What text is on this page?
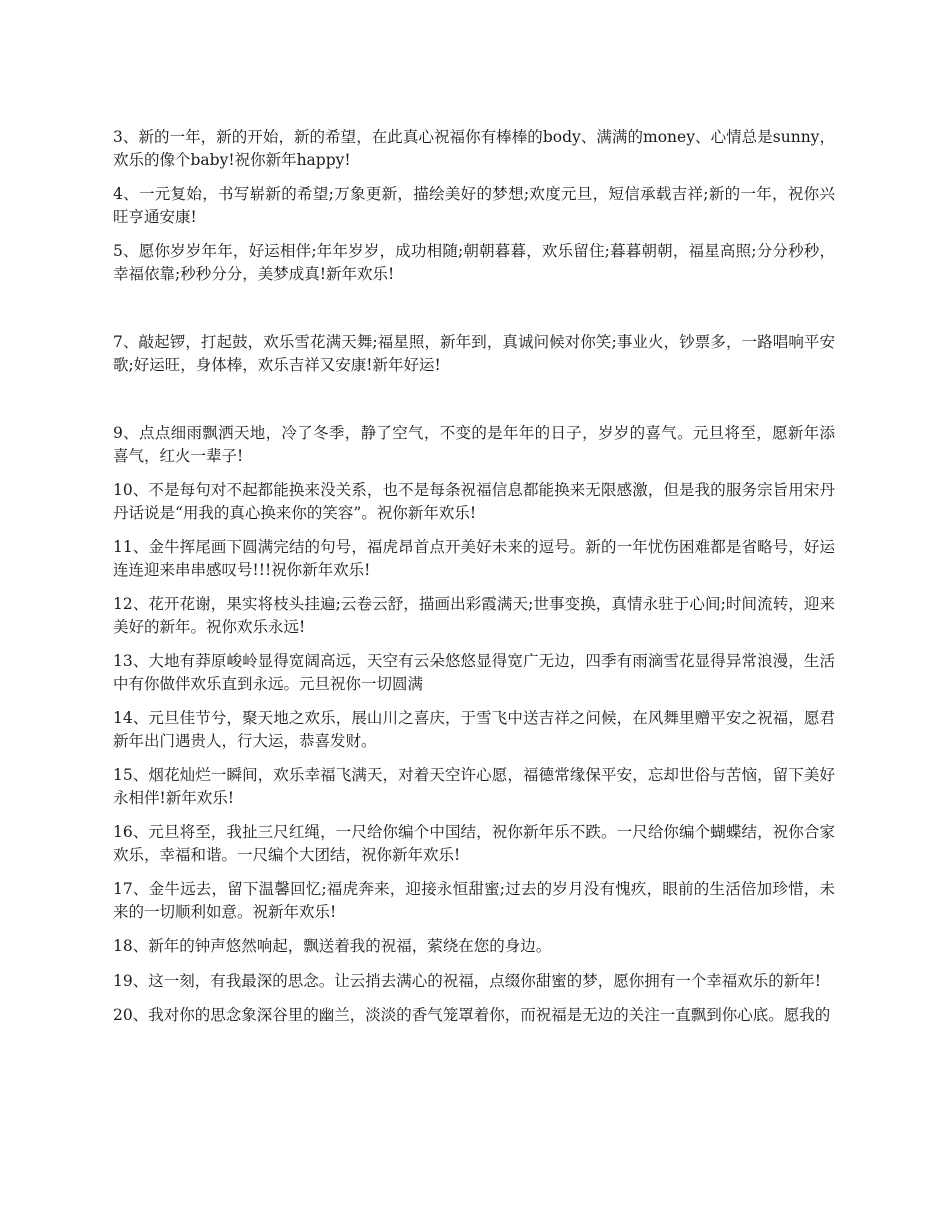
3、新的一年，新的开始，新的希望，在此真心祝福你有棒棒的body、满满的money、心情总是sunny，欢乐的像个baby!祝你新年happy!

4、一元复始，书写崭新的希望;万象更新，描绘美好的梦想;欢度元旦，短信承载吉祥;新的一年，祝你兴旺亨通安康!

5、愿你岁岁年年，好运相伴;年年岁岁，成功相随;朝朝暮暮，欢乐留住;暮暮朝朝，福星高照;分分秒秒，幸福依靠;秒秒分分，美梦成真!新年欢乐!

7、敲起锣，打起鼓，欢乐雪花满天舞;福星照，新年到，真诚问候对你笑;事业火，钞票多，一路唱响平安歌;好运旺，身体棒，欢乐吉祥又安康!新年好运!

9、点点细雨飘洒天地，冷了冬季，静了空气，不变的是年年的日子，岁岁的喜气。元旦将至，愿新年添喜气，红火一辈子!

10、不是每句对不起都能换来没关系，也不是每条祝福信息都能换来无限感激，但是我的服务宗旨用宋丹丹话说是“用我的真心换来你的笑容”。祝你新年欢乐!

11、金牛挥尾画下圆满完结的句号，福虎昂首点开美好未来的逗号。新的一年忧伤困难都是省略号，好运连连迎来串串感叹号!!!祝你新年欢乐!

12、花开花谢，果实将枝头挂遍;云卷云舒，描画出彩霞满天;世事变换，真情永驻于心间;时间流转，迎来美好的新年。祝你欢乐永远!

13、大地有莽原峻岭显得宽阔高远，天空有云朵悠悠显得宽广无边，四季有雨滴雪花显得异常浪漫，生活中有你做伴欢乐直到永远。元旦祝你一切圆满

14、元旦佳节兮，聚天地之欢乐，展山川之喜庆，于雪飞中送吉祥之问候，在风舞里赠平安之祝福，愿君新年出门遇贵人，行大运，恭喜发财。

15、烟花灿烂一瞬间，欢乐幸福飞满天，对着天空许心愿，福德常缘保平安，忘却世俗与苦恼，留下美好永相伴!新年欢乐!

16、元旦将至，我扯三尺红绳，一尺给你编个中国结，祝你新年乐不跌。一尺给你编个蝴蝶结，祝你合家欢乐，幸福和谐。一尺编个大团结，祝你新年欢乐!

17、金牛远去，留下温馨回忆;福虎奔来，迎接永恒甜蜜;过去的岁月没有愧疚，眼前的生活倍加珍惜，未来的一切顺利如意。祝新年欢乐!

18、新年的钟声悠然响起，飘送着我的祝福，萦绕在您的身边。

19、这一刻，有我最深的思念。让云捎去满心的祝福，点缀你甜蜜的梦，愿你拥有一个幸福欢乐的新年!

20、我对你的思念象深谷里的幽兰，淡淡的香气笼罩着你，而祝福是无边的关注一直飘到你心底。愿我的
